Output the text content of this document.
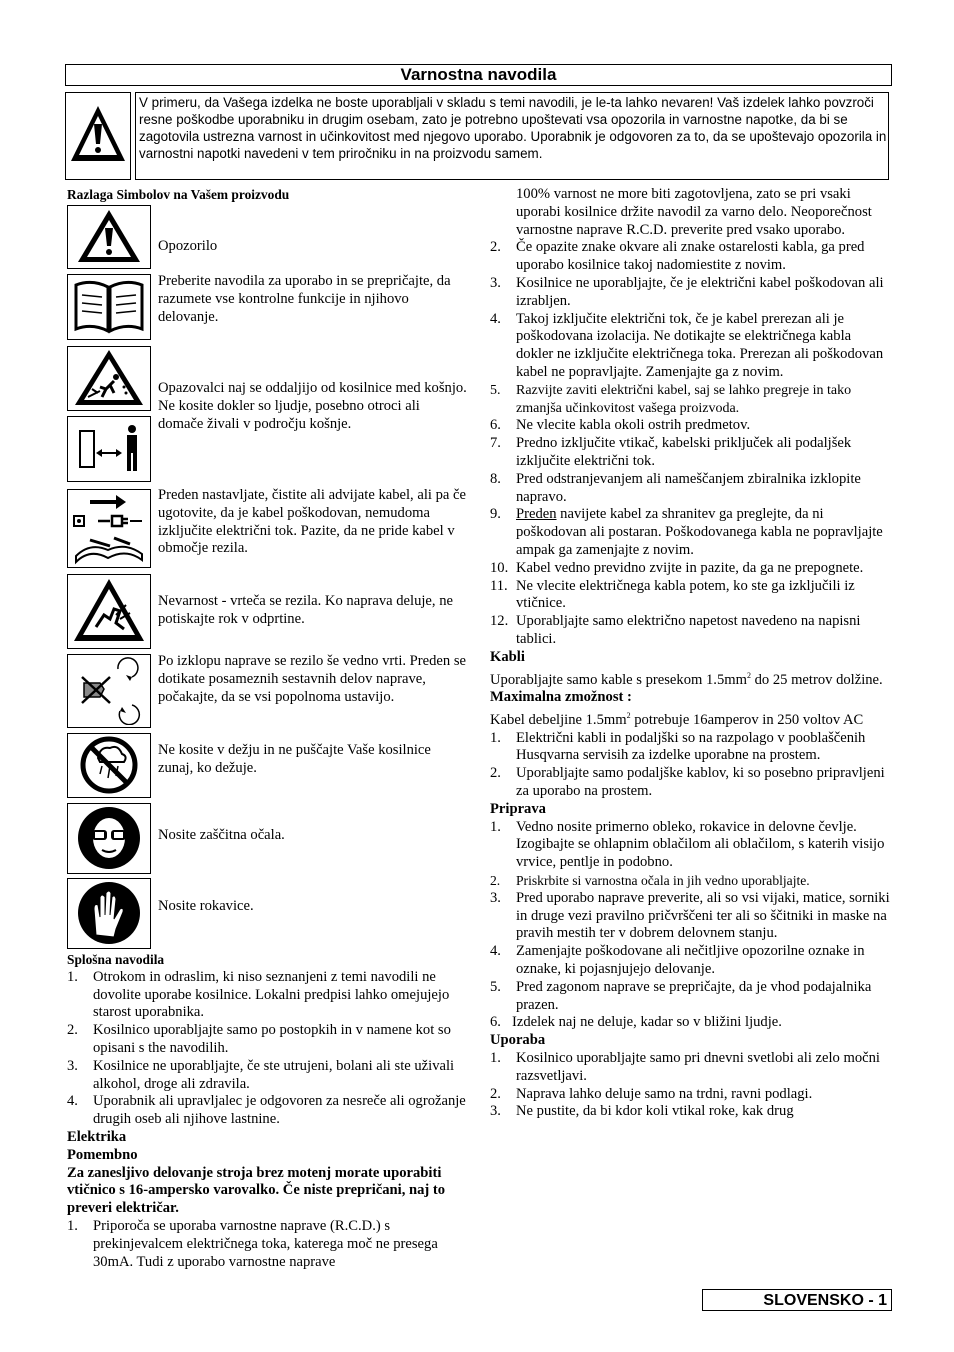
Varnostna navodila

V primeru, da Vašega izdelka ne boste uporabljali v skladu s temi navodili, je le-ta lahko nevaren! Vaš izdelek lahko povzroči resne poškodbe uporabniku in drugim osebam, zato je potrebno upoštevati vsa opozorila in varnostne napotke, da bi se zagotovila ustrezna varnost in učinkovitost med njegovo uporabo. Uporabnik je odgovoren za to, da se upoštevajo opozorila in varnostni napotki navedeni v tem priročniku in na proizvodu samem.

Razlaga Simbolov na Vašem proizvodu

Opozorilo
Preberite navodila za uporabo in se prepričajte, da razumete vse kontrolne funkcije in njihovo delovanje.
Opazovalci naj se oddaljijo od kosilnice med košnjo. Ne kosite dokler so ljudje, posebno otroci ali domače živali v področju košnje.
Preden nastavljate, čistite ali advijate kabel, ali pa če ugotovite, da je kabel poškodovan, nemudoma izključite električni tok. Pazite, da ne pride kabel v območje rezila.
Nevarnost - vrteča se rezila. Ko naprava deluje, ne potiskajte rok v odprtine.
Po izklopu naprave se rezilo še vedno vrti. Preden se dotikate posameznih sestavnih delov naprave, počakajte, da se vsi popolnoma ustavijo.
Ne kosite v dežju in ne puščajte Vaše kosilnice zunaj, ko dežuje.
Nosite zaščitna očala.
Nosite rokavice.

Splošna navodila

1. Otrokom in odraslim, ki niso seznanjeni z temi navodili ne dovolite uporabe kosilnice. Lokalni predpisi lahko omejujejo starost uporabnika.
2. Kosilnico uporabljajte samo po postopkih in v namene kot so opisani s the navodilih.
3. Kosilnice ne uporabljajte, če ste utrujeni, bolani ali ste uživali alkohol, droge ali zdravila.
4. Uporabnik ali upravljalec je odgovoren za nesreče ali ogrožanje drugih oseb ali njihove lastnine.

Elektrika

Pomembno

Za zanesljivo delovanje stroja brez motenj morate uporabiti vtičnico s 16-ampersko varovalko. Če niste prepričani, naj to preveri električar.

1. Priporoča se uporaba varnostne naprave (R.C.D.) s prekinjevalcem električnega toka, katerega moč ne presega 30mA. Tudi z uporabo varnostne naprave

100% varnost ne more biti zagotovljena, zato se pri vsaki uporabi kosilnice držite navodil za varno delo. Neoporečnost varnostne naprave R.C.D. preverite pred vsako uporabo.

2. Če opazite znake okvare ali znake ostarelosti kabla, ga pred uporabo kosilnice takoj nadomiestite z novim.
3. Kosilnice ne uporabljajte, če je električni kabel poškodovan ali izrabljen.
4. Takoj izključite električni tok, če je kabel prerezan ali je poškodovana izolacija. Ne dotikajte se električnega kabla dokler ne izključite električnega toka. Prerezan ali poškodovan kabel ne popravljajte. Zamenjajte ga z novim.
5. Razvijte zaviti električni kabel, saj se lahko pregreje in tako zmanjša učinkovitost vašega proizvoda.
6. Ne vlecite kabla okoli ostrih predmetov.
7. Predno izključite vtikač, kabelski priključek ali podaljšek izključite električni tok.
8. Pred odstranjevanjem ali nameščanjem zbiralnika izklopite napravo.
9. Preden navijete kabel za shranitev ga preglejte, da ni poškodovan ali postaran. Poškodovanega kabla ne popravljajte ampak ga zamenjajte z novim.
10. Kabel vedno previdno zvijte in pazite, da ga ne prepognete.
11. Ne vlecite električnega kabla potem, ko ste ga izključili iz vtičnice.
12. Uporabljajte samo električno napetost navedeno na napisni tablici.

Kabli

Uporabljajte samo kable s presekom $1.5mm^2$ do 25 metrov dolžine.

Maximalna zmožnost :

Kabel debeljine $1.5mm^2$ potrebuje 16amperov in 250 voltov AC

1. Električni kabli in podaljški so na razpolago v pooblaščenih Husqvarna servisih za izdelke uporabne na prostem.
2. Uporabljajte samo podaljške kablov, ki so posebno pripravljeni za uporabo na prostem.

Priprava

1. Vedno nosite primerno obleko, rokavice in delovne čevlje. Izogibajte se ohlapnim oblačilom ali oblačilom, s katerih visijo vrvice, pentlje in podobno.
2. Priskrbite si varnostna očala in jih vedno uporabljajte.
3. Pred uporabo naprave preverite, ali so vsi vijaki, matice, sorniki in druge vezi pravilno pričvrščeni ter ali so ščitniki in maske na pravih mestih ter v dobrem delovnem stanju.
4. Zamenjajte poškodovane ali nečitljive opozorilne oznake in oznake, ki pojasnjujejo delovanje.
5. Pred zagonom naprave se prepričajte, da je vhod podajalnika prazen.
6. Izdelek naj ne deluje, kadar so v bližini ljudje.

Uporaba

1. Kosilnico uporabljajte samo pri dnevni svetlobi ali zelo močni razsvetljavi.
2. Naprava lahko deluje samo na trdni, ravni podlagi.
3. Ne pustite, da bi kdor koli vtikal roke, kak drug
SLOVENSKO - 1
